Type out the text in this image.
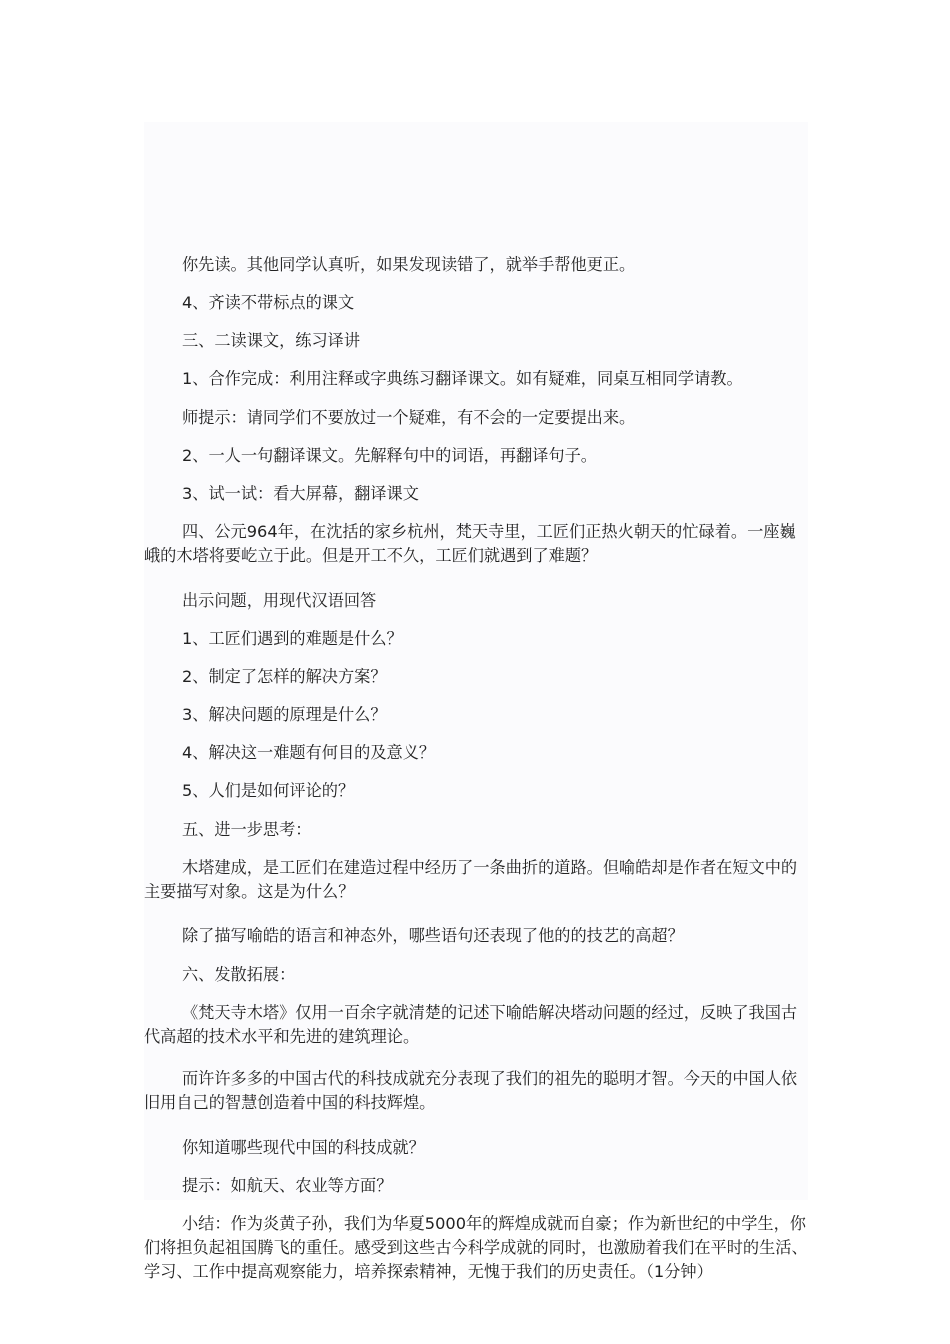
你先读。其他同学认真听，如果发现读错了，就举手帮他更正。

4、齐读不带标点的课文

三、二读课文，练习译讲

1、合作完成：利用注释或字典练习翻译课文。如有疑难，同桌互相同学请教。

师提示：请同学们不要放过一个疑难，有不会的一定要提出来。

2、一人一句翻译课文。先解释句中的词语，再翻译句子。

3、试一试：看大屏幕，翻译课文

四、公元964年，在沈括的家乡杭州，梵天寺里，工匠们正热火朝天的忙碌着。一座巍峨的木塔将要屹立于此。但是开工不久，工匠们就遇到了难题？

出示问题，用现代汉语回答

1、工匠们遇到的难题是什么？

2、制定了怎样的解决方案？

3、解决问题的原理是什么？

4、解决这一难题有何目的及意义？

5、人们是如何评论的？

五、进一步思考：

木塔建成，是工匠们在建造过程中经历了一条曲折的道路。但喻皓却是作者在短文中的主要描写对象。这是为什么？

除了描写喻皓的语言和神态外，哪些语句还表现了他的的技艺的高超？

六、发散拓展：

《梵天寺木塔》仅用一百余字就清楚的记述下喻皓解决塔动问题的经过，反映了我国古代高超的技术水平和先进的建筑理论。

而许许多多的中国古代的科技成就充分表现了我们的祖先的聪明才智。今天的中国人依旧用自己的智慧创造着中国的科技辉煌。

你知道哪些现代中国的科技成就？

提示：如航天、农业等方面？

小结：作为炎黄子孙，我们为华夏5000年的辉煌成就而自豪；作为新世纪的中学生，你们将担负起祖国腾飞的重任。感受到这些古今科学成就的同时，也激励着我们在平时的生活、学习、工作中提高观察能力，培养探索精神，无愧于我们的历史责任。（1分钟）
